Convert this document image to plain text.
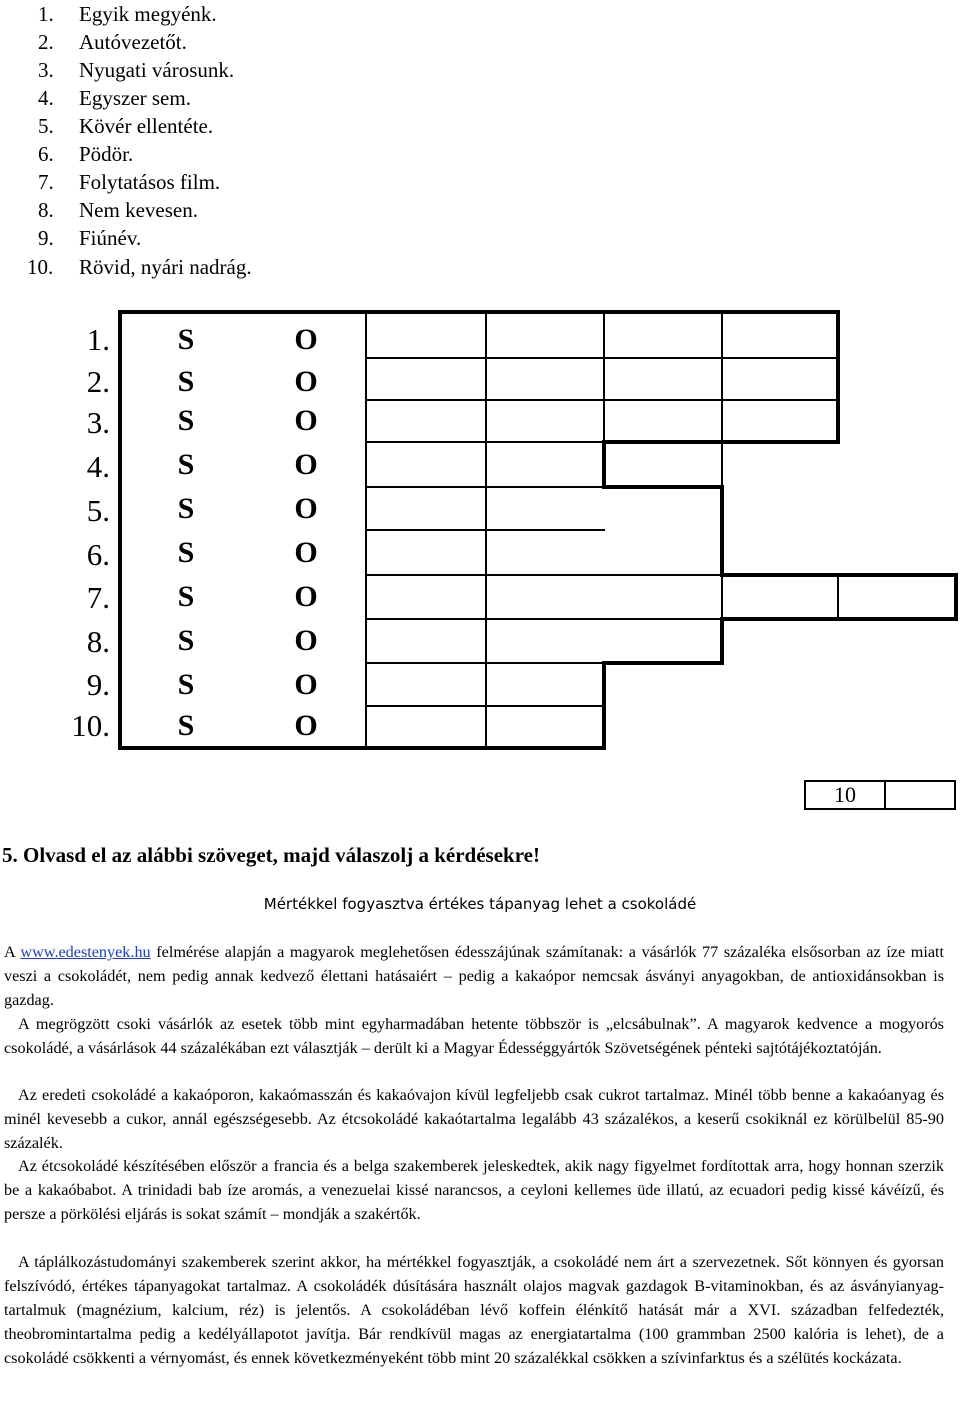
1. Egyik megyénk.
2. Autóvezetőt.
3. Nyugati városunk.
4. Egyszer sem.
5. Kövér ellentéte.
6. Pödör.
7. Folytatásos film.
8. Nem kevesen.
9. Fiúnév.
10. Rövid, nyári nadrág.
1.	S	O
2.	S	O
3.	S	O
4.	S	O
5.	S	O
6.	S	O
7.	S	O
8.	S	O
9.	S	O
10.	S	O
10
5. Olvasd el az alábbi szöveget, majd válaszolj a kérdésekre!
Mértékkel fogyasztva értékes tápanyag lehet a csokoládé

A www.edestenyek.hu felmérése alapján a magyarok meglehetősen édesszájúnak számítanak: a vásárlók 77 százaléka elsősorban az íze miatt veszi a csokoládét, nem pedig annak kedvező élettani hatásaiért – pedig a kakaópor nemcsak ásványi anyagokban, de antioxidánsokban is gazdag.

A megrögzött csoki vásárlók az esetek több mint egyharmadában hetente többször is „elcsábulnak”. A magyarok kedvence a mogyorós csokoládé, a vásárlások 44 százalékában ezt választják – derült ki a Magyar Édességgyártók Szövetségének pénteki sajtótájékoztatóján.

Az eredeti csokoládé a kakaóporon, kakaómasszán és kakaóvajon kívül legfeljebb csak cukrot tartalmaz. Minél több benne a kakaóanyag és minél kevesebb a cukor, annál egészségesebb. Az étcsokoládé kakaótartalma legalább 43 százalékos, a keserű csokiknál ez körülbelül 85-90 százalék.

Az étcsokoládé készítésében először a francia és a belga szakemberek jeleskedtek, akik nagy figyelmet fordítottak arra, hogy honnan szerzik be a kakaóbabot. A trinidadi bab íze aromás, a venezuelai kissé narancsos, a ceyloni kellemes üde illatú, az ecuadori pedig kissé kávéízű, és persze a pörkölési eljárás is sokat számít – mondják a szakértők.

A táplálkozástudományi szakemberek szerint akkor, ha mértékkel fogyasztják, a csokoládé nem árt a szervezetnek. Sőt könnyen és gyorsan felszívódó, értékes tápanyagokat tartalmaz. A csokoládék dúsítására használt olajos magvak gazdagok B-vitaminokban, és az ásványianyag-tartalmuk (magnézium, kalcium, réz) is jelentős. A csokoládéban lévő koffein élénkítő hatását már a XVI. században felfedezték, theobromintartalma pedig a kedélyállapotot javítja. Bár rendkívül magas az energiatartalma (100 grammban 2500 kalória is lehet), de a csokoládé csökkenti a vérnyomást, és ennek következményeként több mint 20 százalékkal csökken a szívinfarktus és a szélütés kockázata.
